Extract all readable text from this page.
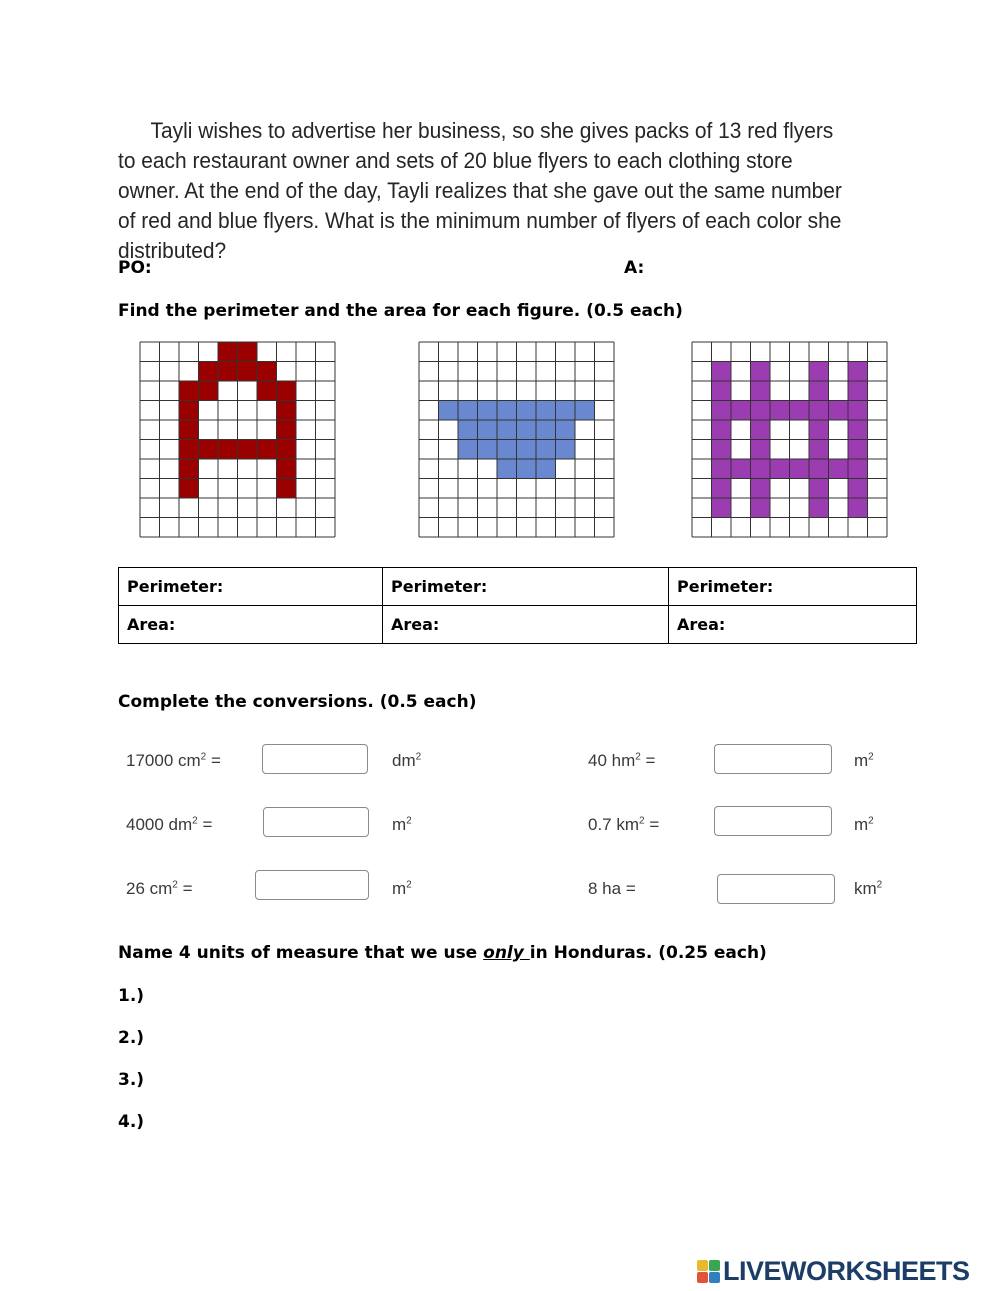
Tayli wishes to advertise her business, so she gives packs of 13 red flyers to each restaurant owner and sets of 20 blue flyers to each clothing store owner. At the end of the day, Tayli realizes that she gave out the same number of red and blue flyers. What is the minimum number of flyers of each color she distributed?
PO:	A:
Find the perimeter and the area for each figure. (0.5 each)
Perimeter:	Perimeter:	Perimeter:
Area:	Area:	Area:
Complete the conversions. (0.5 each)
17000 $cm^2$ =	$dm^2$	40 $hm^2$ =	$m^2$
4000 $dm^2$ =	$m^2$	0.7 $km^2$ =	$m^2$
26 $cm^2$ =	$m^2$	8 ha =	$km^2$
Name 4 units of measure that we use only in Honduras. (0.25 each)
1.)
2.)
3.)
4.)
LIVEWORKSHEETS
